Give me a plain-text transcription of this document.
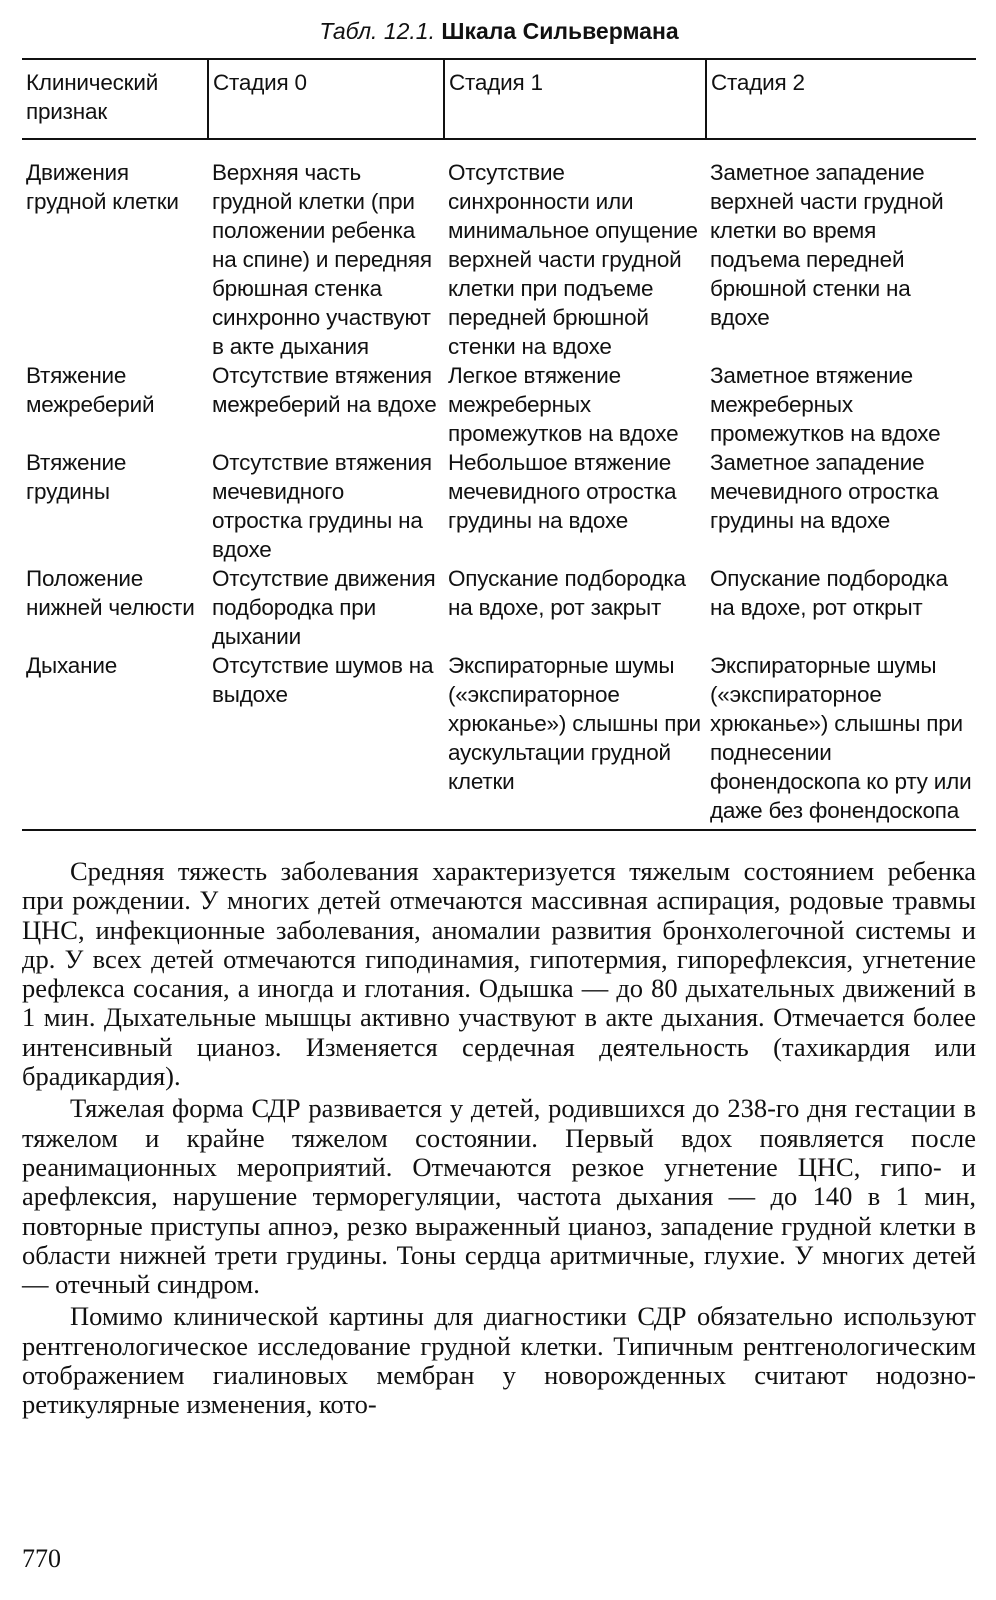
Табл. 12.1. Шкала Сильвермана
Клинический признак	Стадия 0	Стадия 1	Стадия 2
Движения грудной клетки	Верхняя часть грудной клетки (при положении ребенка на спине) и передняя брюшная стенка синхронно участвуют в акте дыхания	Отсутствие синхронности или минимальное опущение верхней части грудной клетки при подъеме передней брюшной стенки на вдохе	Заметное западение верхней части грудной клетки во время подъема передней брюшной стенки на вдохе
Втяжение межреберий	Отсутствие втяжения межреберий на вдохе	Легкое втяжение межреберных промежутков на вдохе	Заметное втяжение межреберных промежутков на вдохе
Втяжение грудины	Отсутствие втяжения мечевидного отростка грудины на вдохе	Небольшое втяжение мечевидного отростка грудины на вдохе	Заметное западение мечевидного отростка грудины на вдохе
Положение нижней челюсти	Отсутствие движения подбородка при дыхании	Опускание подбородка на вдохе, рот закрыт	Опускание подбородка на вдохе, рот открыт
Дыхание	Отсутствие шумов на выдохе	Экспираторные шумы («экспираторное хрюканье») слышны при аускультации грудной клетки	Экспираторные шумы («экспираторное хрюканье») слышны при поднесении фонендоскопа ко рту или даже без фонендоскопа

Средняя тяжесть заболевания характеризуется тяжелым состоянием ребенка при рождении. У многих детей отмечаются массивная аспирация, родовые травмы ЦНС, инфекционные заболевания, аномалии развития бронхолегочной системы и др. У всех детей отмечаются гиподинамия, гипотермия, гипорефлексия, угнетение рефлекса сосания, а иногда и глотания. Одышка — до 80 дыхательных движений в 1 мин. Дыхательные мышцы активно участвуют в акте дыхания. Отмечается более интенсивный цианоз. Изменяется сердечная деятельность (тахикардия или брадикардия).

Тяжелая форма СДР развивается у детей, родившихся до 238-го дня гестации в тяжелом и крайне тяжелом состоянии. Первый вдох появляется после реанимационных мероприятий. Отмечаются резкое угнетение ЦНС, гипо- и арефлексия, нарушение терморегуляции, частота дыхания — до 140 в 1 мин, повторные приступы апноэ, резко выраженный цианоз, западение грудной клетки в области нижней трети грудины. Тоны сердца аритмичные, глухие. У многих детей — отечный синдром.

Помимо клинической картины для диагностики СДР обязательно используют рентгенологическое исследование грудной клетки. Типичным рентгенологическим отображением гиалиновых мембран у новорожденных считают нодозно-ретикулярные изменения, кото-

770
